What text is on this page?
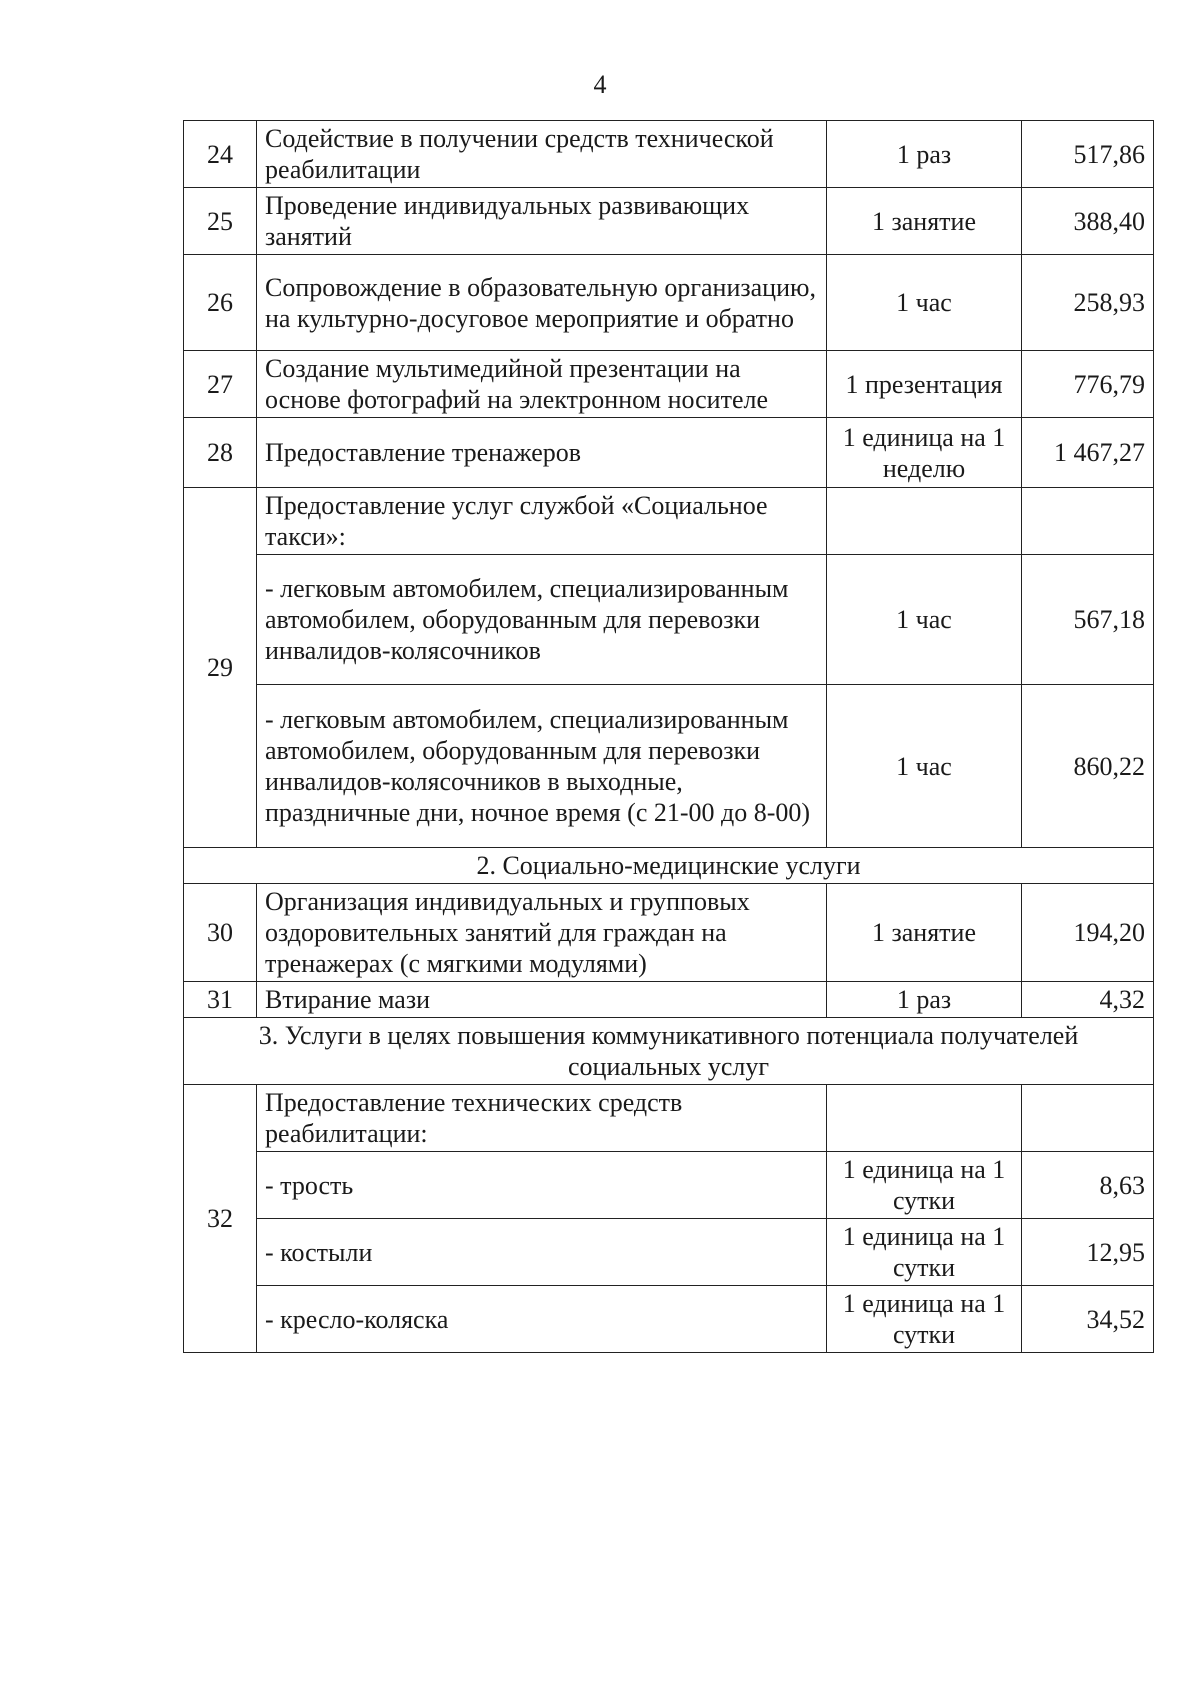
4
24	Содействие в получении средств технической реабилитации	1 раз	517,86
25	Проведение индивидуальных развивающих занятий	1 занятие	388,40
26	Сопровождение в образовательную организацию, на культурно-досуговое мероприятие и обратно	1 час	258,93
27	Создание мультимедийной презентации на основе фотографий на электронном носителе	1 презентация	776,79
28	Предоставление тренажеров	1 единица на 1 неделю	1 467,27
29	Предоставление услуг службой «Социальное такси»:		
	- легковым автомобилем, специализированным автомобилем, оборудованным для перевозки инвалидов-колясочников	1 час	567,18
	- легковым автомобилем, специализированным автомобилем, оборудованным для перевозки инвалидов-колясочников в выходные, праздничные дни, ночное время (с 21-00 до 8-00)	1 час	860,22
2. Социально-медицинские услуги			
30	Организация индивидуальных и групповых оздоровительных занятий для граждан на тренажерах (с мягкими модулями)	1 занятие	194,20
31	Втирание мази	1 раз	4,32
3. Услуги в целях повышения коммуникативного потенциала получателей социальных услуг			
32	Предоставление технических средств реабилитации:		
	- трость	1 единица на 1 сутки	8,63
	- костыли	1 единица на 1 сутки	12,95
	- кресло-коляска	1 единица на 1 сутки	34,52
